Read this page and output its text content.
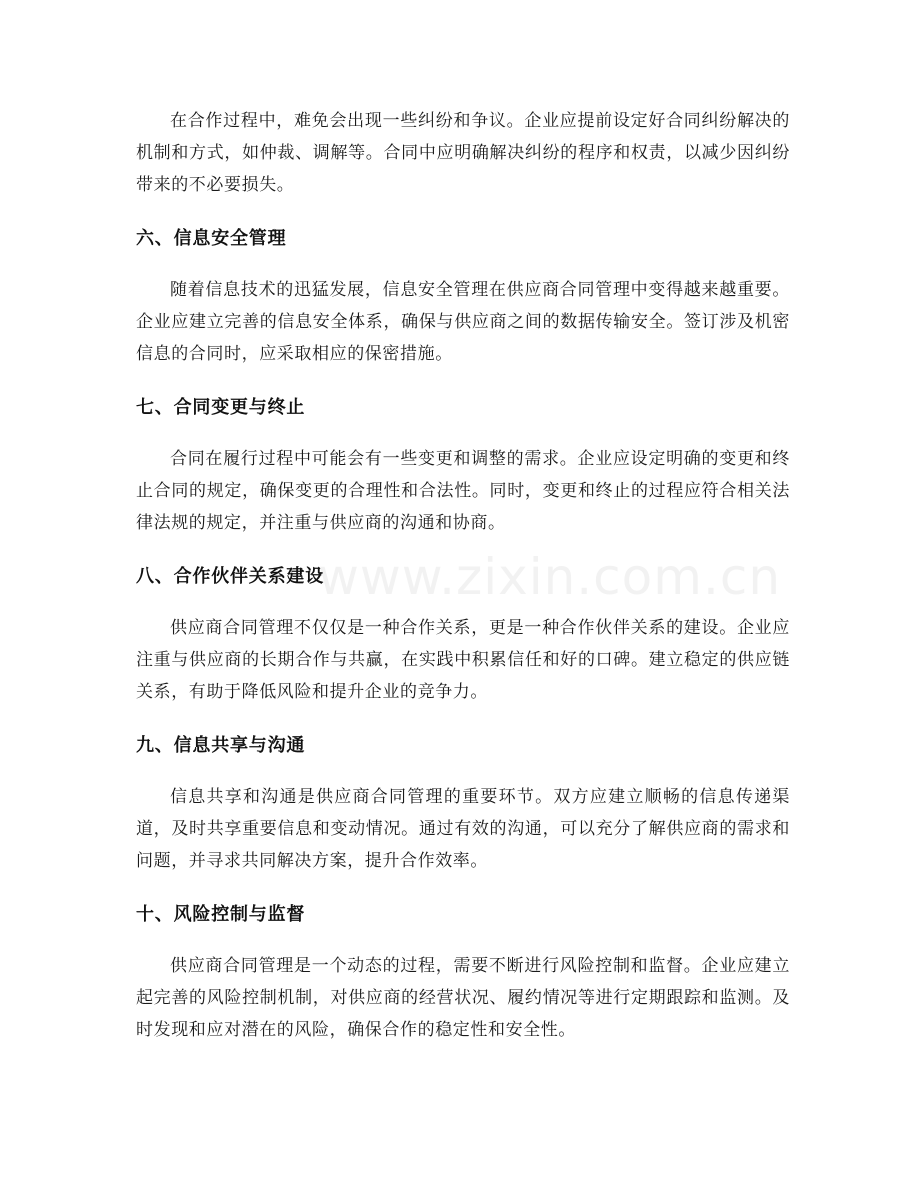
在合作过程中，难免会出现一些纠纷和争议。企业应提前设定好合同纠纷解决的机制和方式，如仲裁、调解等。合同中应明确解决纠纷的程序和权责，以减少因纠纷带来的不必要损失。

六、信息安全管理

随着信息技术的迅猛发展，信息安全管理在供应商合同管理中变得越来越重要。企业应建立完善的信息安全体系，确保与供应商之间的数据传输安全。签订涉及机密信息的合同时，应采取相应的保密措施。

七、合同变更与终止

合同在履行过程中可能会有一些变更和调整的需求。企业应设定明确的变更和终止合同的规定，确保变更的合理性和合法性。同时，变更和终止的过程应符合相关法律法规的规定，并注重与供应商的沟通和协商。

八、合作伙伴关系建设

供应商合同管理不仅仅是一种合作关系，更是一种合作伙伴关系的建设。企业应注重与供应商的长期合作与共赢，在实践中积累信任和好的口碑。建立稳定的供应链关系，有助于降低风险和提升企业的竞争力。

九、信息共享与沟通

信息共享和沟通是供应商合同管理的重要环节。双方应建立顺畅的信息传递渠道，及时共享重要信息和变动情况。通过有效的沟通，可以充分了解供应商的需求和问题，并寻求共同解决方案，提升合作效率。

十、风险控制与监督

供应商合同管理是一个动态的过程，需要不断进行风险控制和监督。企业应建立起完善的风险控制机制，对供应商的经营状况、履约情况等进行定期跟踪和监测。及时发现和应对潜在的风险，确保合作的稳定性和安全性。

www.zixin.com.cn
